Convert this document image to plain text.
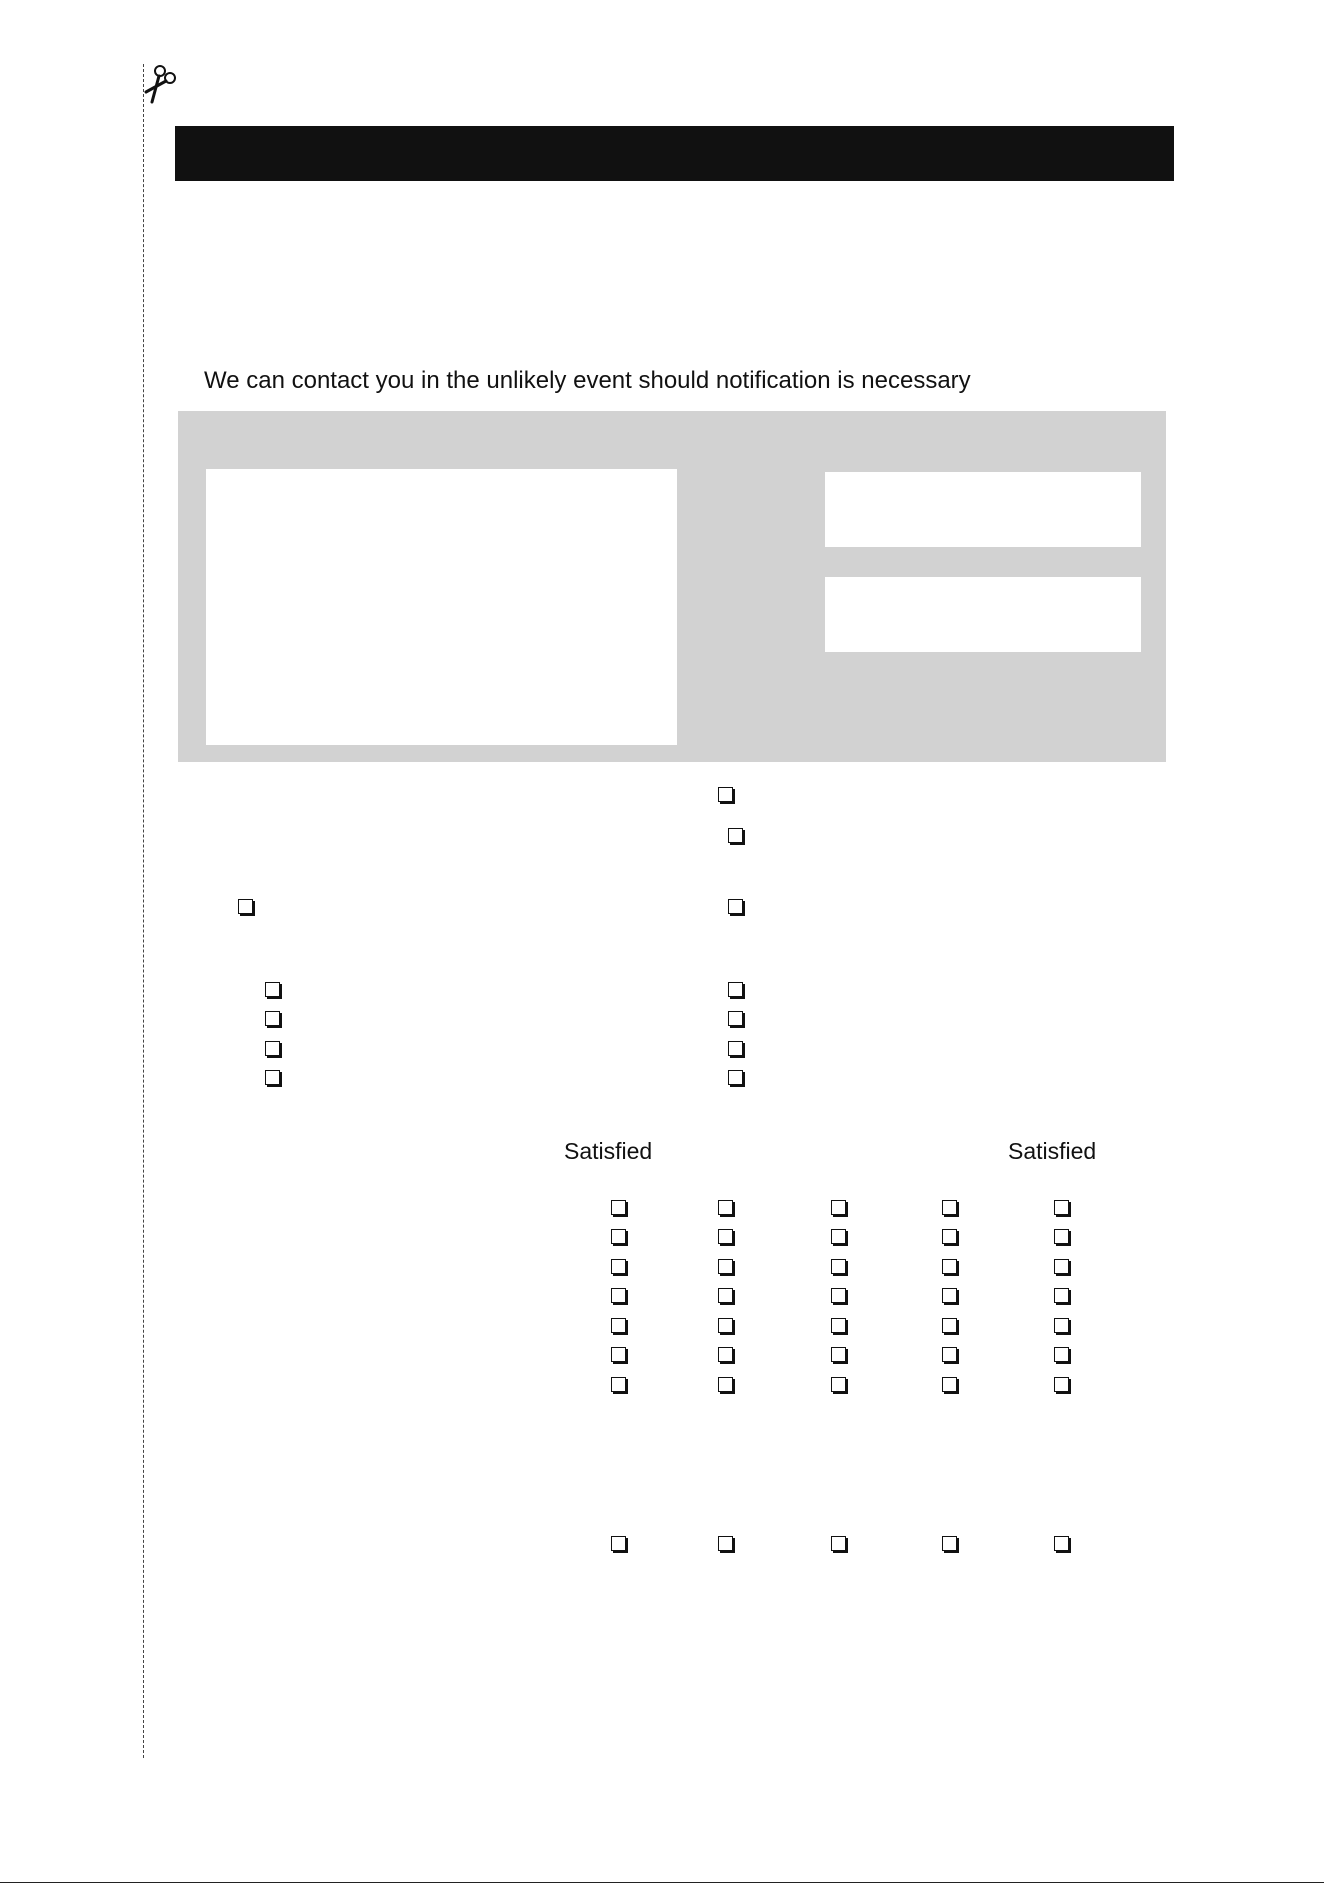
We can contact you in the unlikely event should notification is necessary
Satisfied	Satisfied
